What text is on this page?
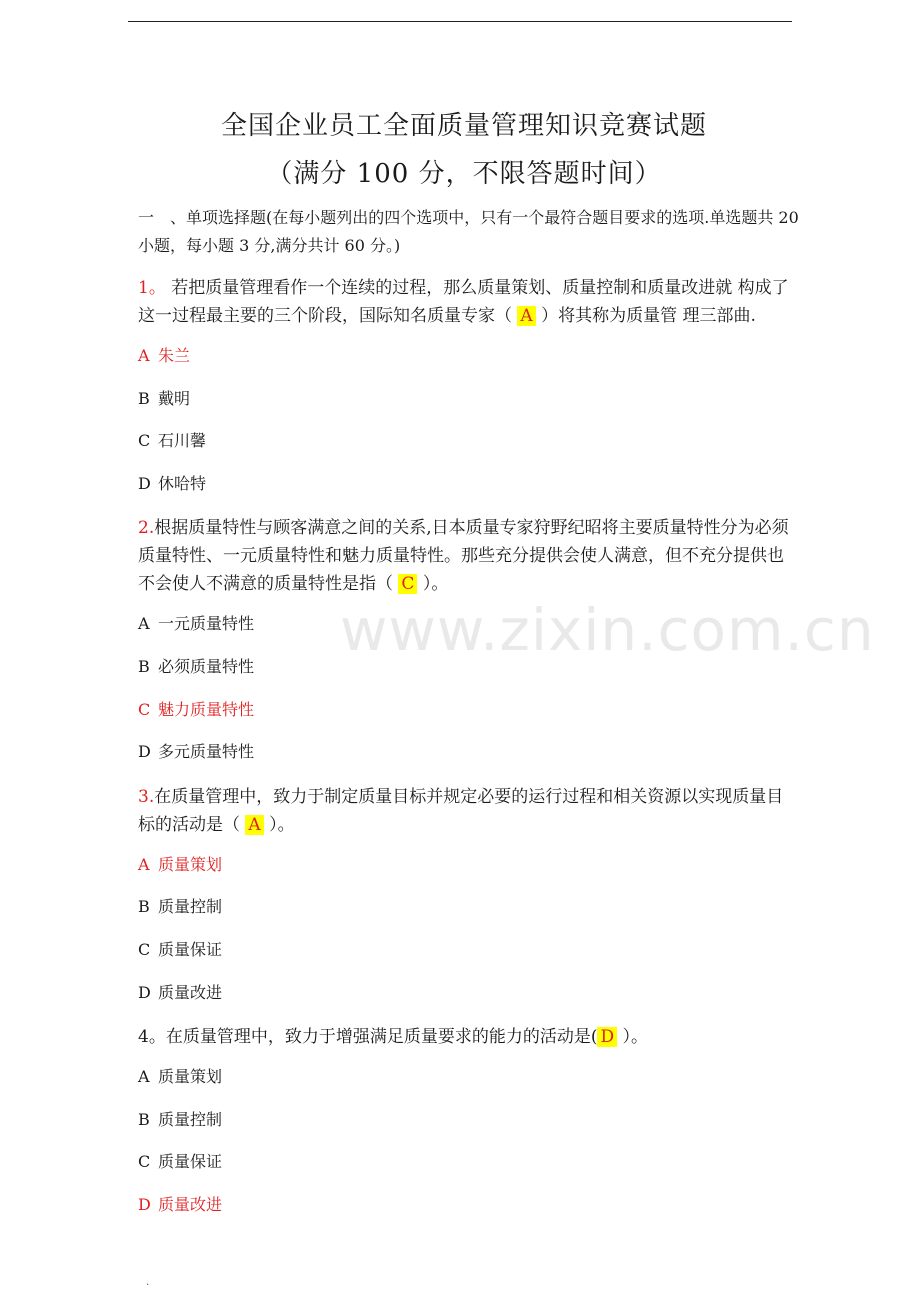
www.zixin.com.cn
全国企业员工全面质量管理知识竞赛试题
（满分 100 分，不限答题时间）
一　、单项选择题(在每小题列出的四个选项中，只有一个最符合题目要求的选项.单选题共 20 小题，每小题 3 分,满分共计 60 分。)
1。 若把质量管理看作一个连续的过程，那么质量策划、质量控制和质量改进就 构成了这一过程最主要的三个阶段，国际知名质量专家（ A ）将其称为质量管 理三部曲.
A 朱兰
B 戴明
C 石川馨
D 休哈特
2.根据质量特性与顾客满意之间的关系,日本质量专家狩野纪昭将主要质量特性分为必须质量特性、一元质量特性和魅力质量特性。那些充分提供会使人满意，但不充分提供也不会使人不满意的质量特性是指（ C ）。
A 一元质量特性
B 必须质量特性
C 魅力质量特性
D 多元质量特性
3.在质量管理中，致力于制定质量目标并规定必要的运行过程和相关资源以实现质量目标的活动是（ A ）。
A 质量策划
B 质量控制
C 质量保证
D 质量改进
4。在质量管理中，致力于增强满足质量要求的能力的活动是( D ）。
A 质量策划
B 质量控制
C 质量保证
D 质量改进
.
